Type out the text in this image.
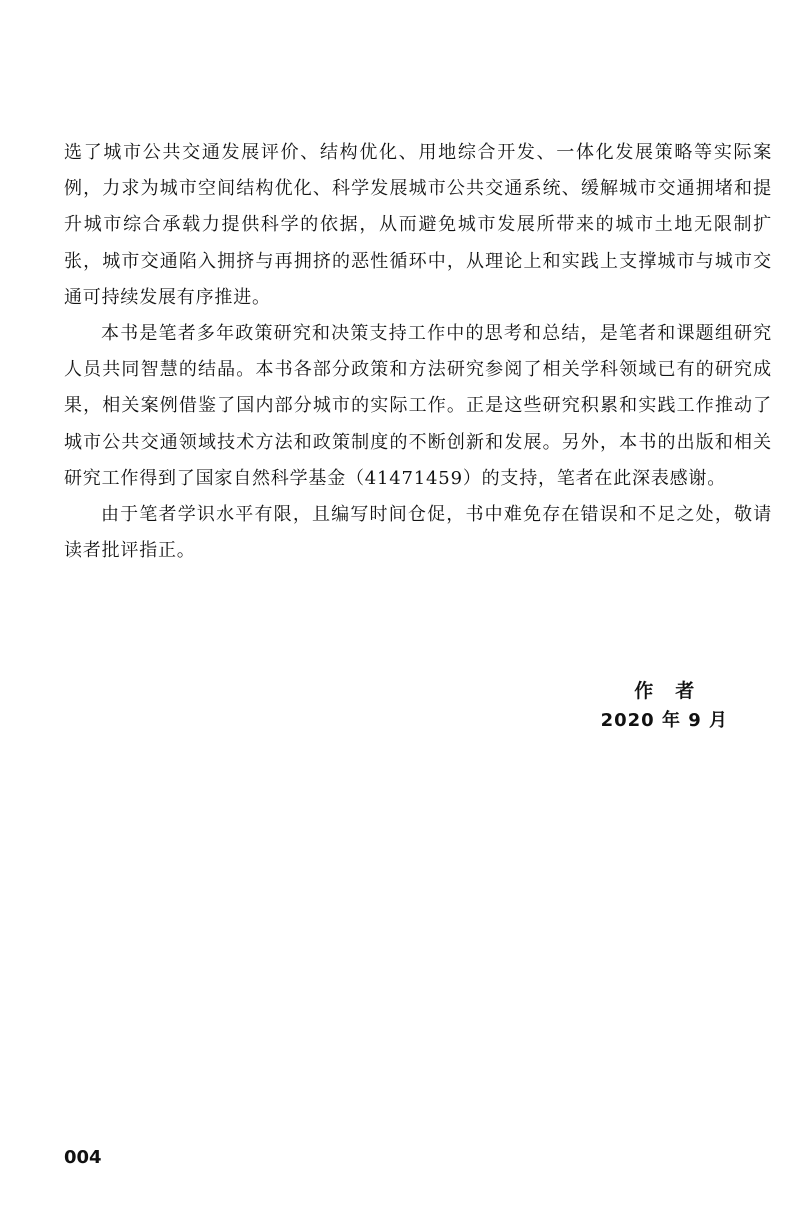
选了城市公共交通发展评价、结构优化、用地综合开发、一体化发展策略等实际案例，力求为城市空间结构优化、科学发展城市公共交通系统、缓解城市交通拥堵和提升城市综合承载力提供科学的依据，从而避免城市发展所带来的城市土地无限制扩张，城市交通陷入拥挤与再拥挤的恶性循环中，从理论上和实践上支撑城市与城市交通可持续发展有序推进。

本书是笔者多年政策研究和决策支持工作中的思考和总结，是笔者和课题组研究人员共同智慧的结晶。本书各部分政策和方法研究参阅了相关学科领域已有的研究成果，相关案例借鉴了国内部分城市的实际工作。正是这些研究积累和实践工作推动了城市公共交通领域技术方法和政策制度的不断创新和发展。另外，本书的出版和相关研究工作得到了国家自然科学基金（41471459）的支持，笔者在此深表感谢。

由于笔者学识水平有限，且编写时间仓促，书中难免存在错误和不足之处，敬请读者批评指正。

作者
2020 年 9 月
004
